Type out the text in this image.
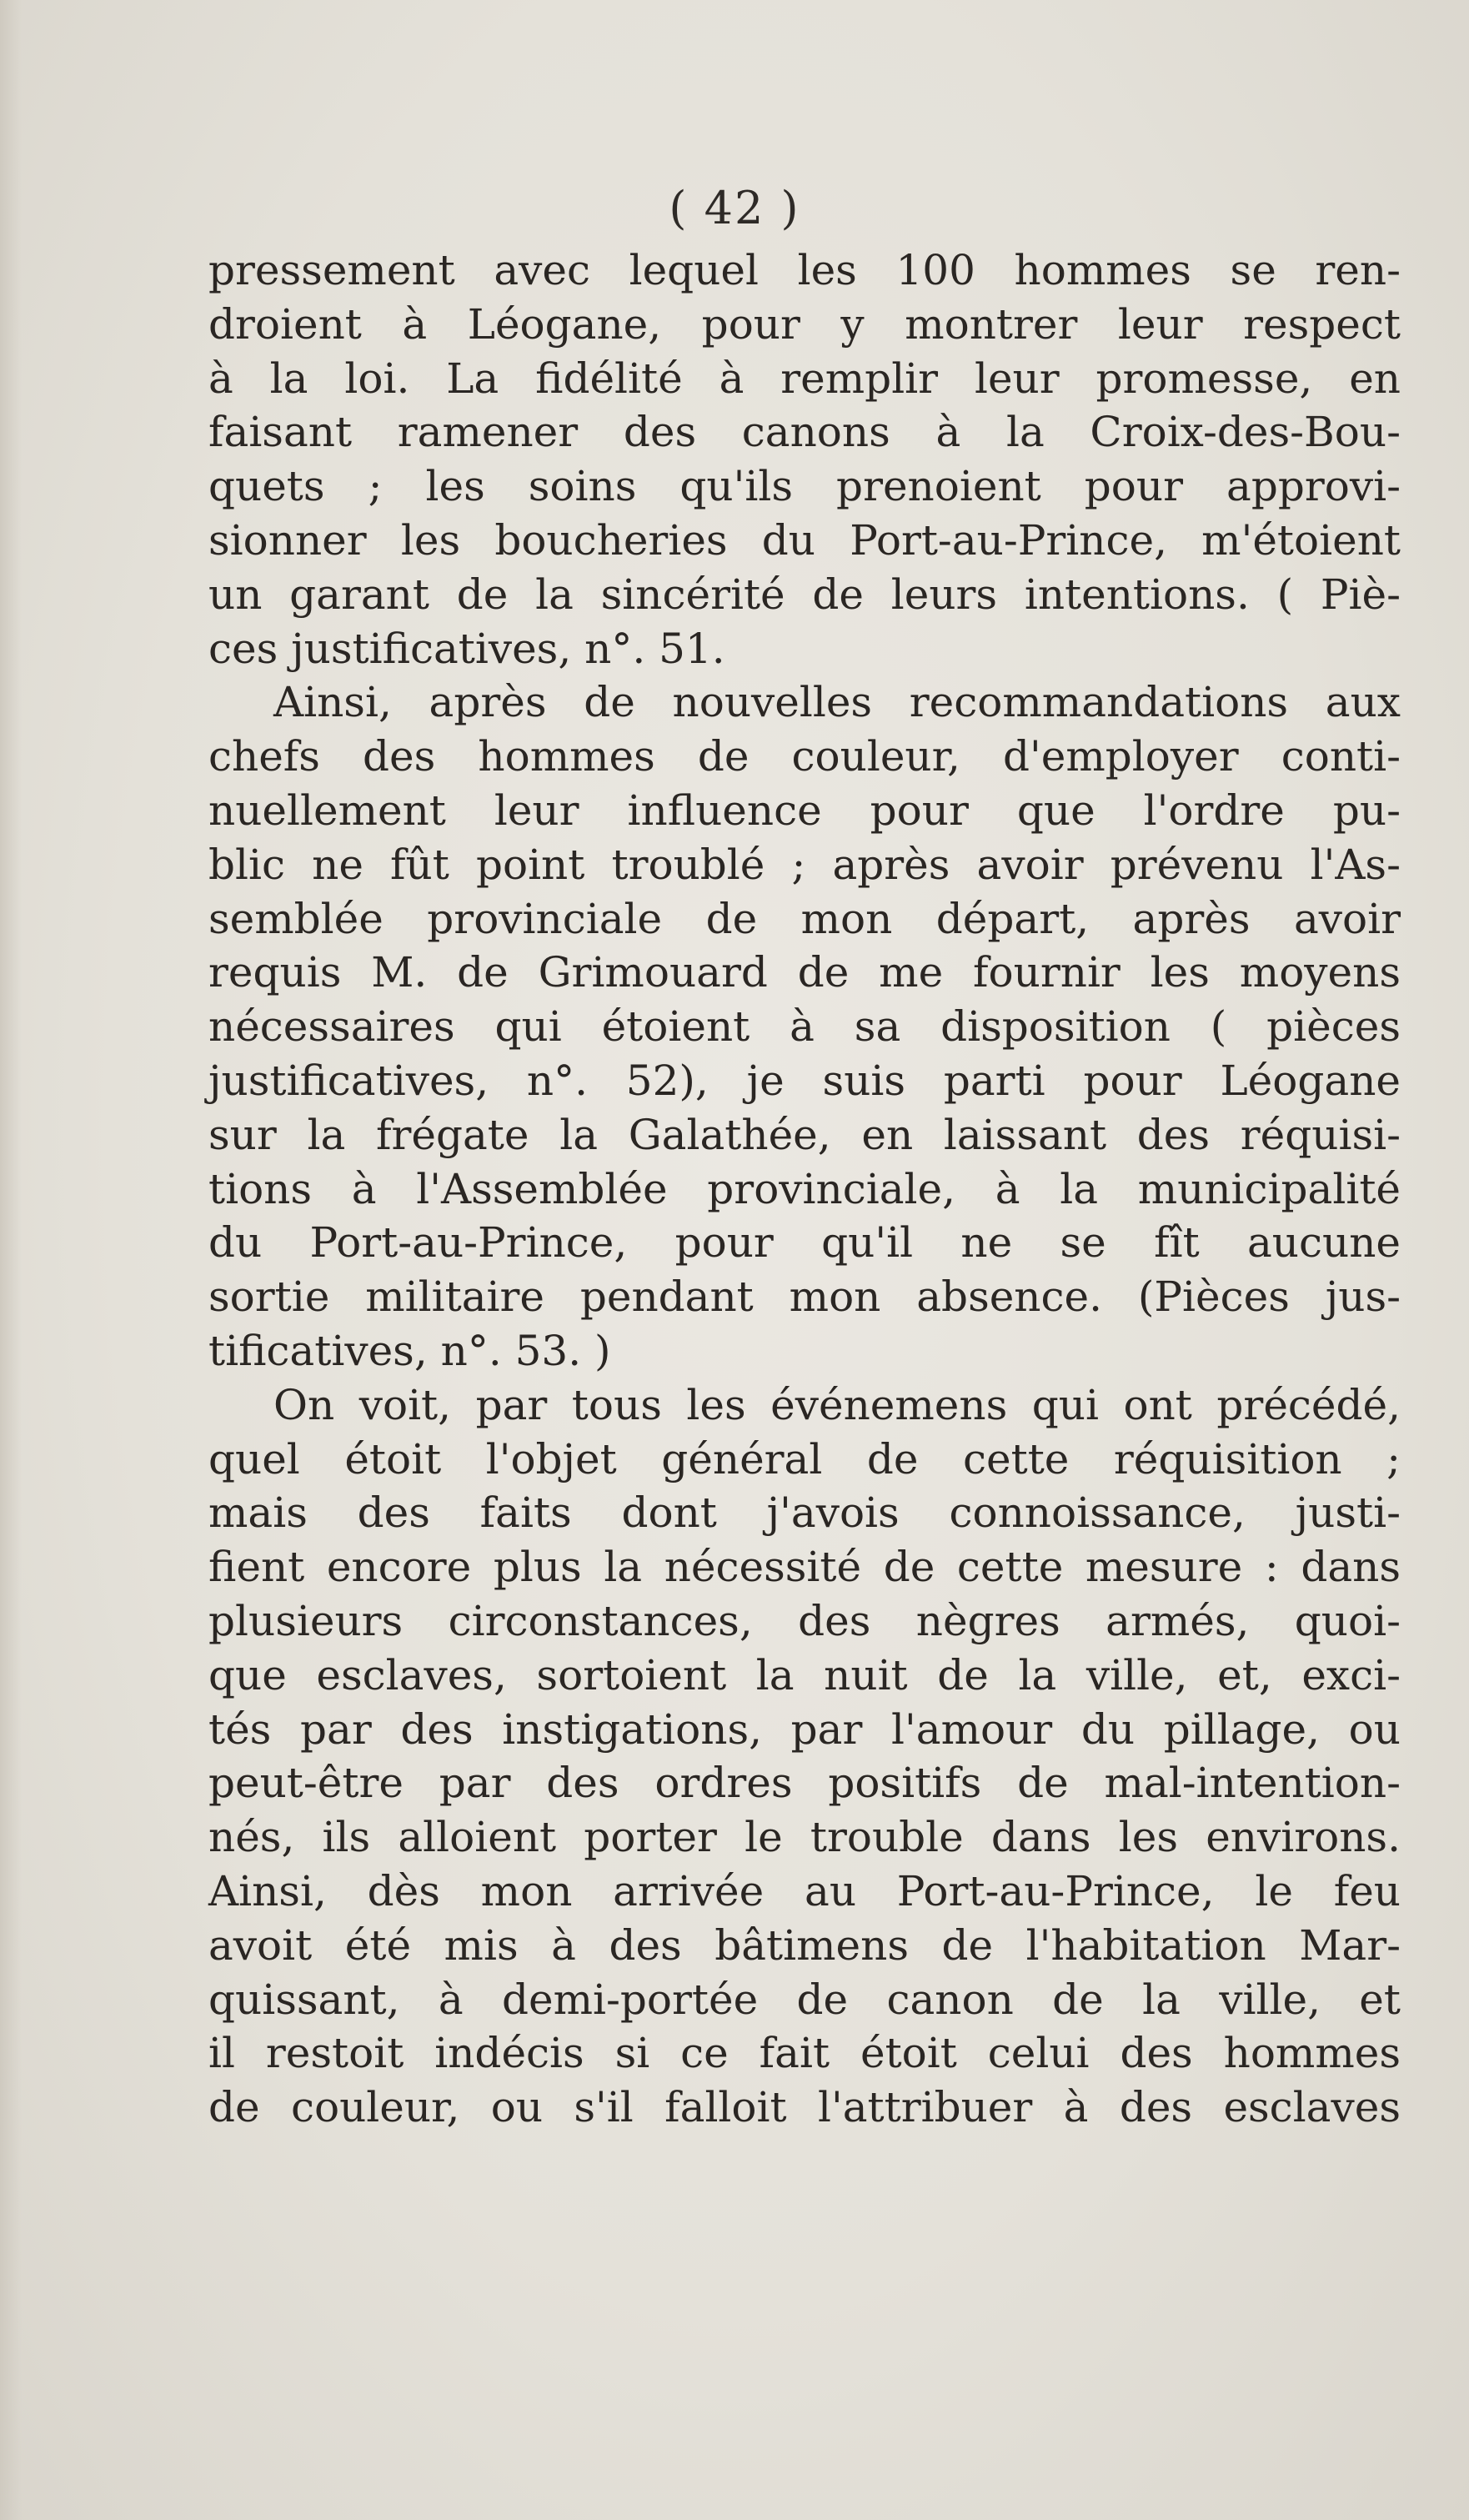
( 42 )
pressement avec lequel les 100 hommes se ren-
droient à Léogane, pour y montrer leur respect
à la loi. La fidélité à remplir leur promesse, en
faisant ramener des canons à la Croix-des-Bou-
quets ; les soins qu'ils prenoient pour approvi-
sionner les boucheries du Port-au-Prince, m'étoient
un garant de la sincérité de leurs intentions. ( Piè-
ces justificatives, n°. 51.
Ainsi, après de nouvelles recommandations aux
chefs des hommes de couleur, d'employer conti-
nuellement leur influence pour que l'ordre pu-
blic ne fût point troublé ; après avoir prévenu l'As-
semblée provinciale de mon départ, après avoir
requis M. de Grimouard de me fournir les moyens
nécessaires qui étoient à sa disposition ( pièces
justificatives, n°. 52), je suis parti pour Léogane
sur la frégate la Galathée, en laissant des réquisi-
tions à l'Assemblée provinciale, à la municipalité
du Port-au-Prince, pour qu'il ne se fît aucune
sortie militaire pendant mon absence. (Pièces jus-
tificatives, n°. 53. )
On voit, par tous les événemens qui ont précédé,
quel étoit l'objet général de cette réquisition ;
mais des faits dont j'avois connoissance, justi-
fient encore plus la nécessité de cette mesure : dans
plusieurs circonstances, des nègres armés, quoi-
que esclaves, sortoient la nuit de la ville, et, exci-
tés par des instigations, par l'amour du pillage, ou
peut-être par des ordres positifs de mal-intention-
nés, ils alloient porter le trouble dans les environs.
Ainsi, dès mon arrivée au Port-au-Prince, le feu
avoit été mis à des bâtimens de l'habitation Mar-
quissant, à demi-portée de canon de la ville, et
il restoit indécis si ce fait étoit celui des hommes
de couleur, ou s'il falloit l'attribuer à des esclaves
